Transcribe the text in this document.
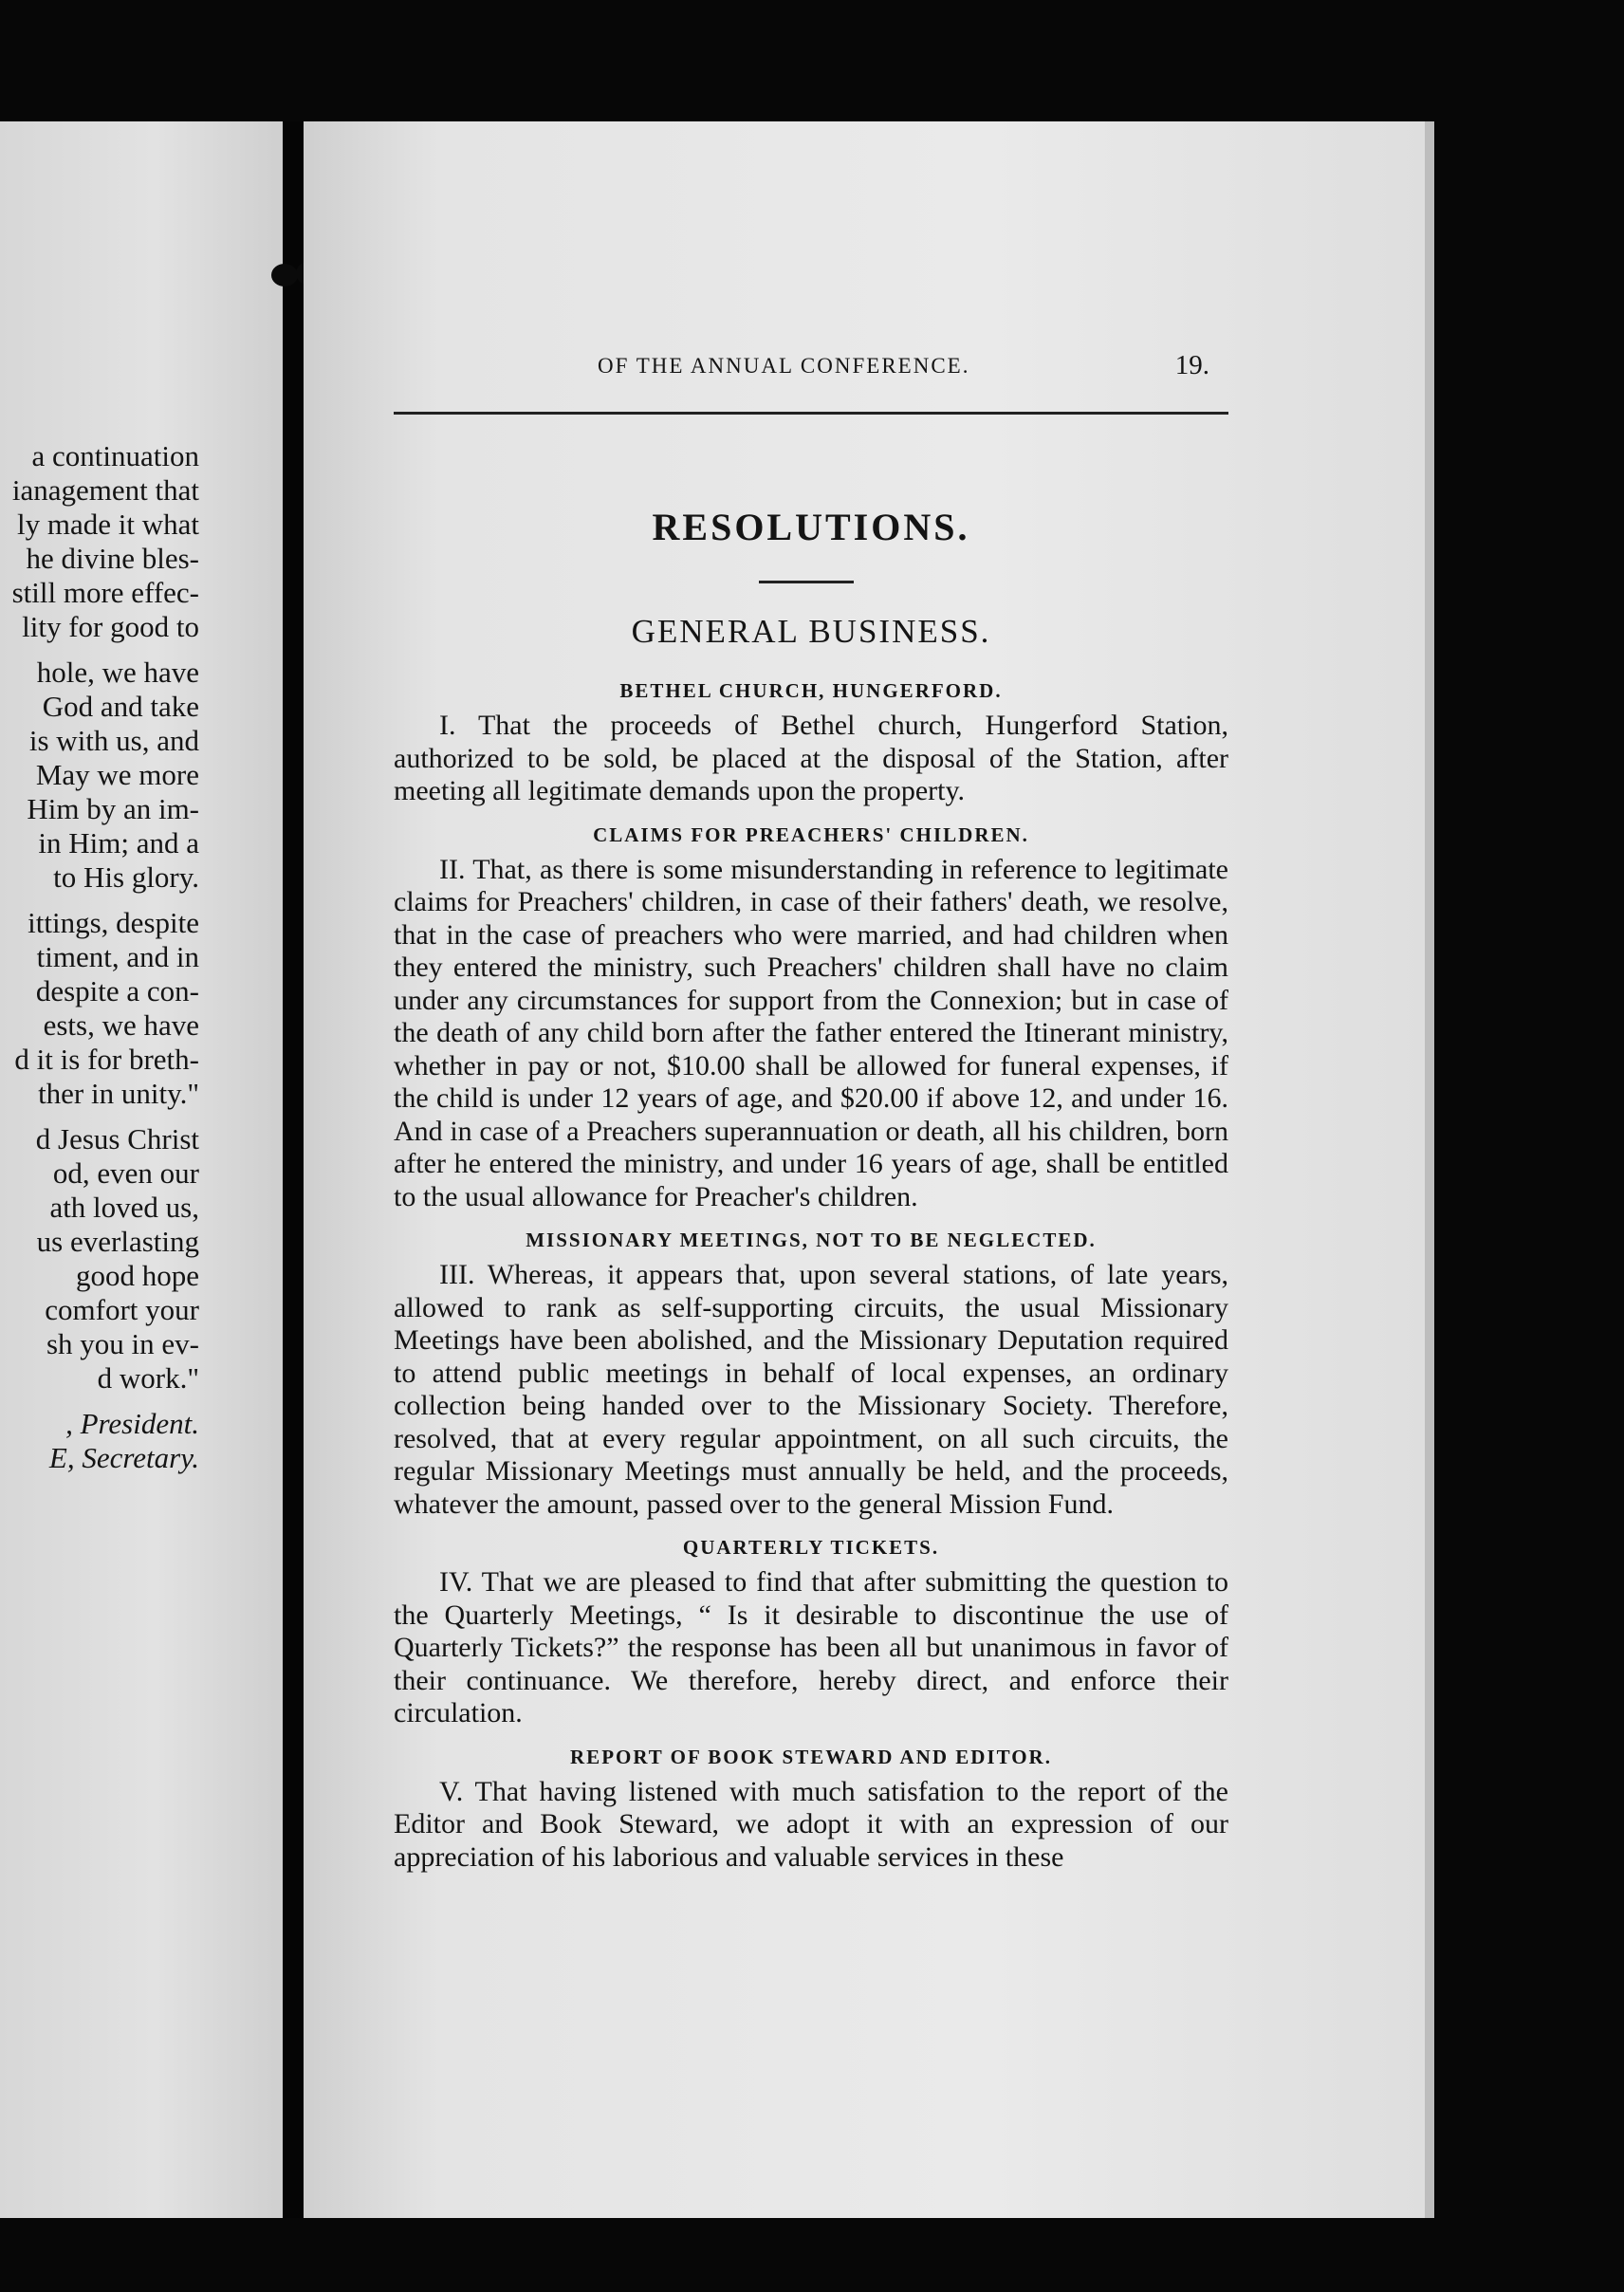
a continuation
ianagement that
ly made it what
he divine bles-
still more effec-
lity for good to
hole, we have
God and take
is with us, and
May we more
Him by an im-
in Him; and a
to His glory.
ittings, despite
timent, and in
despite a con-
ests, we have
d it is for breth-
ther in unity."
d Jesus Christ
od, even our
ath loved us,
us everlasting
good hope
comfort your
sh you in ev-
d work."
, President.
E, Secretary.
OF THE ANNUAL CONFERENCE.	19.
RESOLUTIONS.
GENERAL BUSINESS.
BETHEL CHURCH, HUNGERFORD.

I. That the proceeds of Bethel church, Hungerford Station, authorized to be sold, be placed at the disposal of the Station, after meeting all legitimate demands upon the property.

CLAIMS FOR PREACHERS' CHILDREN.

II. That, as there is some misunderstanding in reference to legitimate claims for Preachers' children, in case of their fathers' death, we resolve, that in the case of preachers who were married, and had children when they entered the ministry, such Preachers' children shall have no claim under any circumstances for support from the Connexion; but in case of the death of any child born after the father entered the Itinerant ministry, whether in pay or not, $10.00 shall be allowed for funeral expenses, if the child is under 12 years of age, and $20.00 if above 12, and under 16. And in case of a Preachers superannuation or death, all his children, born after he entered the ministry, and under 16 years of age, shall be entitled to the usual allowance for Preacher's children.

MISSIONARY MEETINGS, NOT TO BE NEGLECTED.

III. Whereas, it appears that, upon several stations, of late years, allowed to rank as self-supporting circuits, the usual Missionary Meetings have been abolished, and the Missionary Deputation required to attend public meetings in behalf of local expenses, an ordinary collection being handed over to the Missionary Society. Therefore, resolved, that at every regular appointment, on all such circuits, the regular Missionary Meetings must annually be held, and the proceeds, whatever the amount, passed over to the general Mission Fund.

QUARTERLY TICKETS.

IV. That we are pleased to find that after submitting the question to the Quarterly Meetings, “ Is it desirable to discontinue the use of Quarterly Tickets?” the response has been all but unanimous in favor of their continuance. We therefore, hereby direct, and enforce their circulation.

REPORT OF BOOK STEWARD AND EDITOR.

V. That having listened with much satisfation to the report of the Editor and Book Steward, we adopt it with an expression of our appreciation of his laborious and valuable services in these
